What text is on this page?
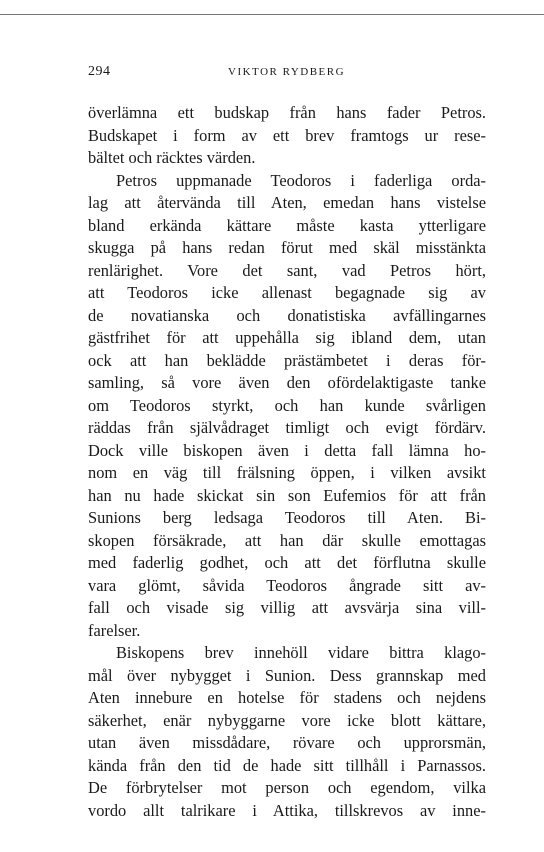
294	VIKTOR RYDBERG
överlämna ett budskap från hans fader Petros.
Budskapet i form av ett brev framtogs ur rese-
bältet och räcktes värden.
Petros uppmanade Teodoros i faderliga orda-
lag att återvända till Aten, emedan hans vistelse
bland erkända kättare måste kasta ytterligare
skugga på hans redan förut med skäl misstänkta
renlärighet. Vore det sant, vad Petros hört,
att Teodoros icke allenast begagnade sig av
de novatianska och donatistiska avfällingarnes
gästfrihet för att uppehålla sig ibland dem, utan
ock att han beklädde prästämbetet i deras för-
samling, så vore även den ofördelaktigaste tanke
om Teodoros styrkt, och han kunde svårligen
räddas från självådraget timligt och evigt fördärv.
Dock ville biskopen även i detta fall lämna ho-
nom en väg till frälsning öppen, i vilken avsikt
han nu hade skickat sin son Eufemios för att från
Sunions berg ledsaga Teodoros till Aten. Bi-
skopen försäkrade, att han där skulle emottagas
med faderlig godhet, och att det förflutna skulle
vara glömt, såvida Teodoros ångrade sitt av-
fall och visade sig villig att avsvärja sina vill-
farelser.
Biskopens brev innehöll vidare bittra klago-
mål över nybygget i Sunion. Dess grannskap med
Aten innebure en hotelse för stadens och nejdens
säkerhet, enär nybyggarne vore icke blott kättare,
utan även missdådare, rövare och upprorsmän,
kända från den tid de hade sitt tillhåll i Parnassos.
De förbrytelser mot person och egendom, vilka
vordo allt talrikare i Attika, tillskrevos av inne-
